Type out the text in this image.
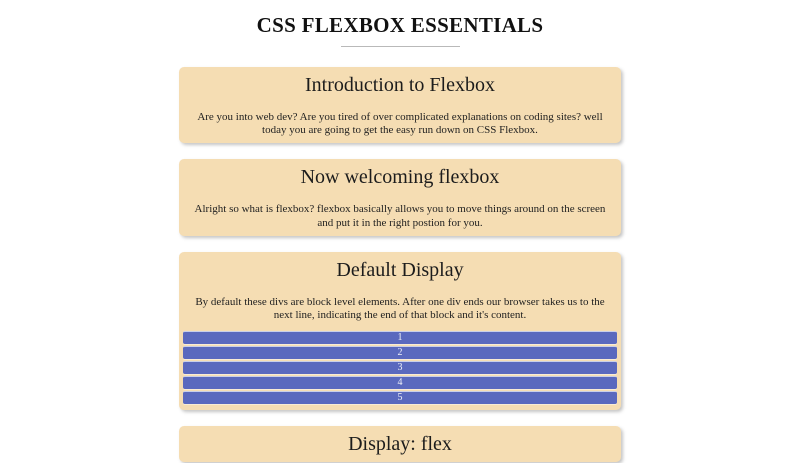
CSS FLEXBOX ESSENTIALS
Introduction to Flexbox

Are you into web dev? Are you tired of over complicated explanations on coding sites? well today you are going to get the easy run down on CSS Flexbox.

Now welcoming flexbox

Alright so what is flexbox? flexbox basically allows you to move things around on the screen and put it in the right postion for you.

Default Display

By default these divs are block level elements. After one div ends our browser takes us to the next line, indicating the end of that block and it's content.

1
2
3
4
5
Display: flex
